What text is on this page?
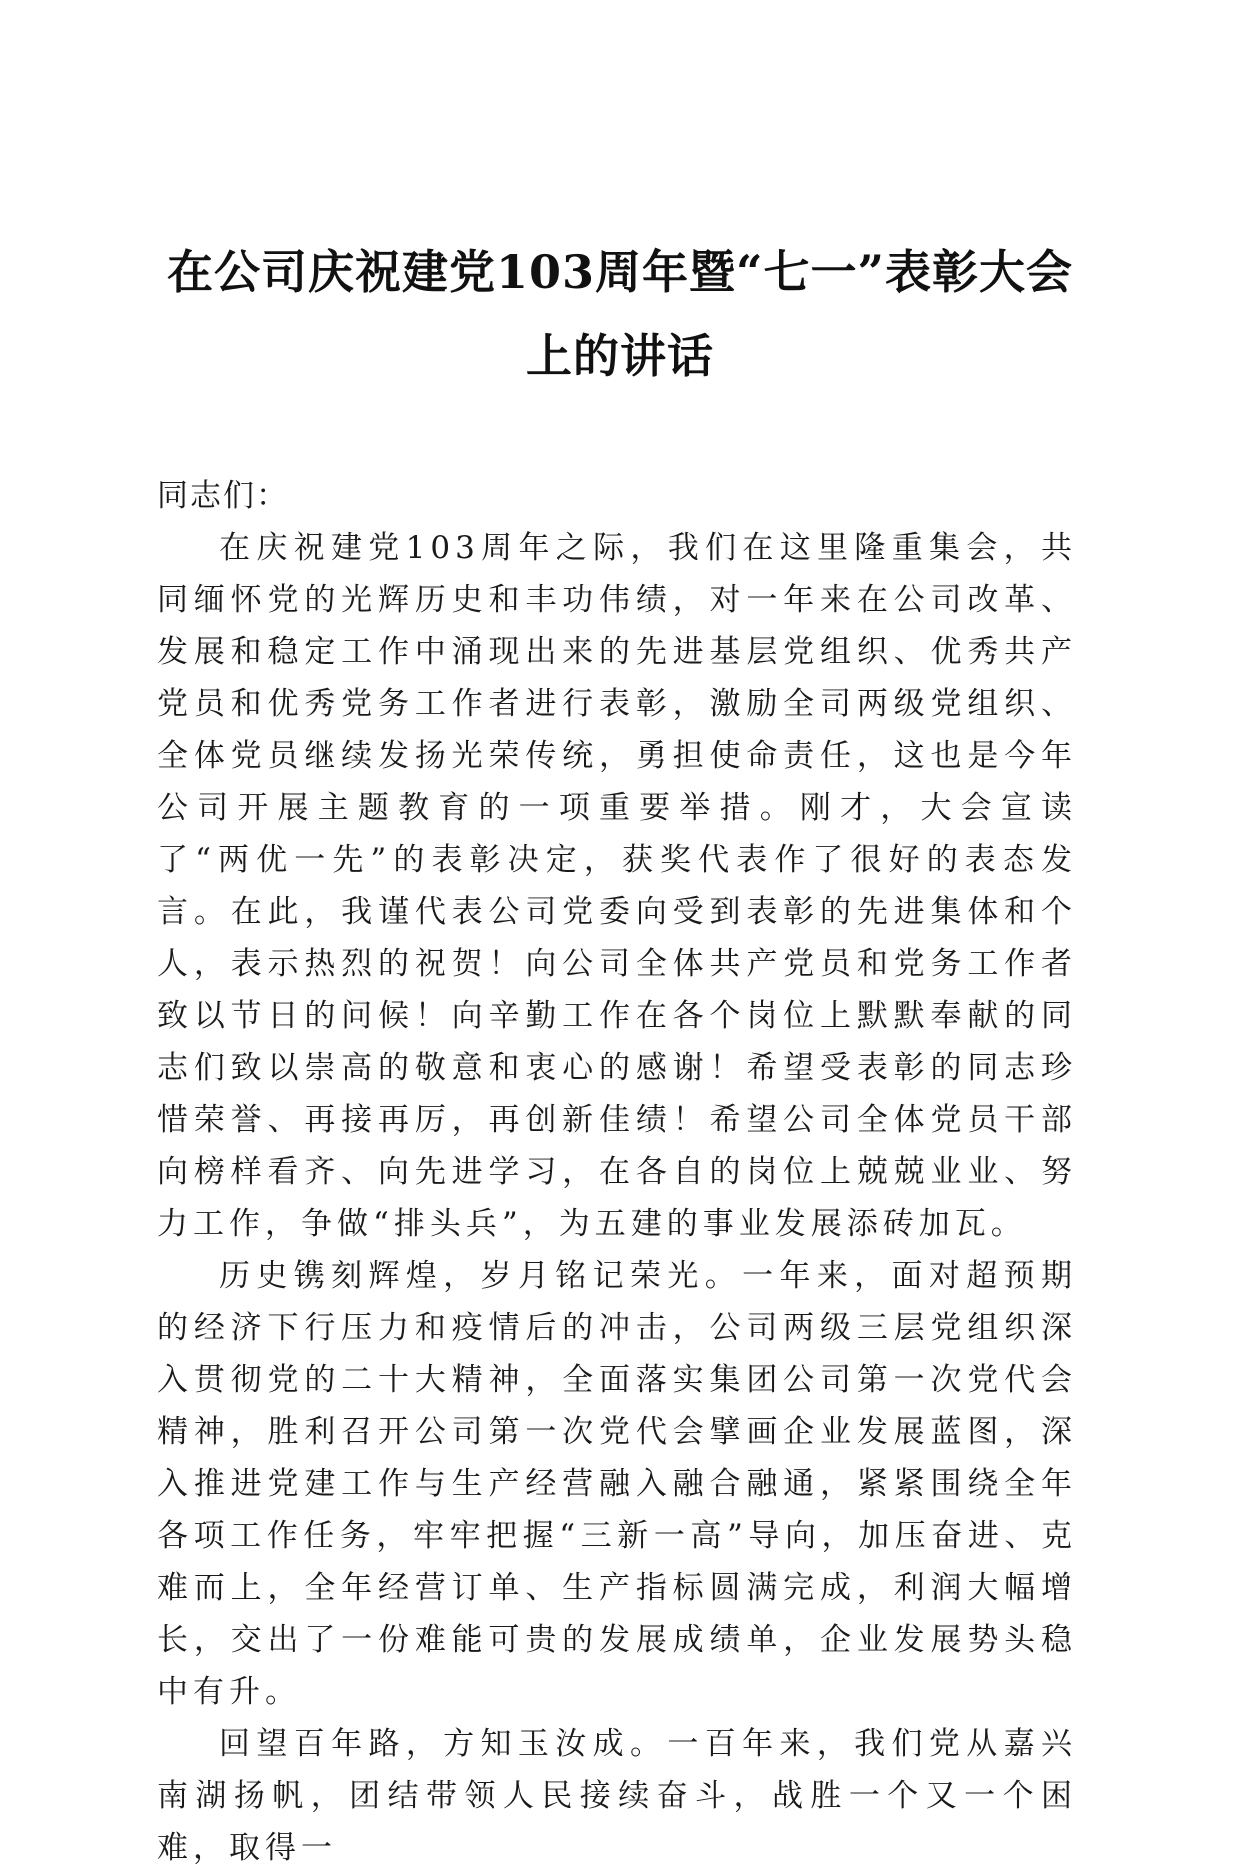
在公司庆祝建党103周年暨“七一”表彰大会
上的讲话

同志们：

在庆祝建党103周年之际，我们在这里隆重集会，共同缅怀党的光辉历史和丰功伟绩，对一年来在公司改革、发展和稳定工作中涌现出来的先进基层党组织、优秀共产党员和优秀党务工作者进行表彰，激励全司两级党组织、全体党员继续发扬光荣传统，勇担使命责任，这也是今年公司开展主题教育的一项重要举措。刚才，大会宣读了“两优一先”的表彰决定，获奖代表作了很好的表态发言。在此，我谨代表公司党委向受到表彰的先进集体和个人，表示热烈的祝贺！向公司全体共产党员和党务工作者致以节日的问候！向辛勤工作在各个岗位上默默奉献的同志们致以崇高的敬意和衷心的感谢！希望受表彰的同志珍惜荣誉、再接再厉，再创新佳绩！希望公司全体党员干部向榜样看齐、向先进学习，在各自的岗位上兢兢业业、努力工作，争做“排头兵”，为五建的事业发展添砖加瓦。

历史镌刻辉煌，岁月铭记荣光。一年来，面对超预期的经济下行压力和疫情后的冲击，公司两级三层党组织深入贯彻党的二十大精神，全面落实集团公司第一次党代会精神，胜利召开公司第一次党代会擘画企业发展蓝图，深入推进党建工作与生产经营融入融合融通，紧紧围绕全年各项工作任务，牢牢把握“三新一高”导向，加压奋进、克难而上，全年经营订单、生产指标圆满完成，利润大幅增长，交出了一份难能可贵的发展成绩单，企业发展势头稳中有升。

回望百年路，方知玉汝成。一百年来，我们党从嘉兴南湖扬帆，团结带领人民接续奋斗，战胜一个又一个困难，取得一
